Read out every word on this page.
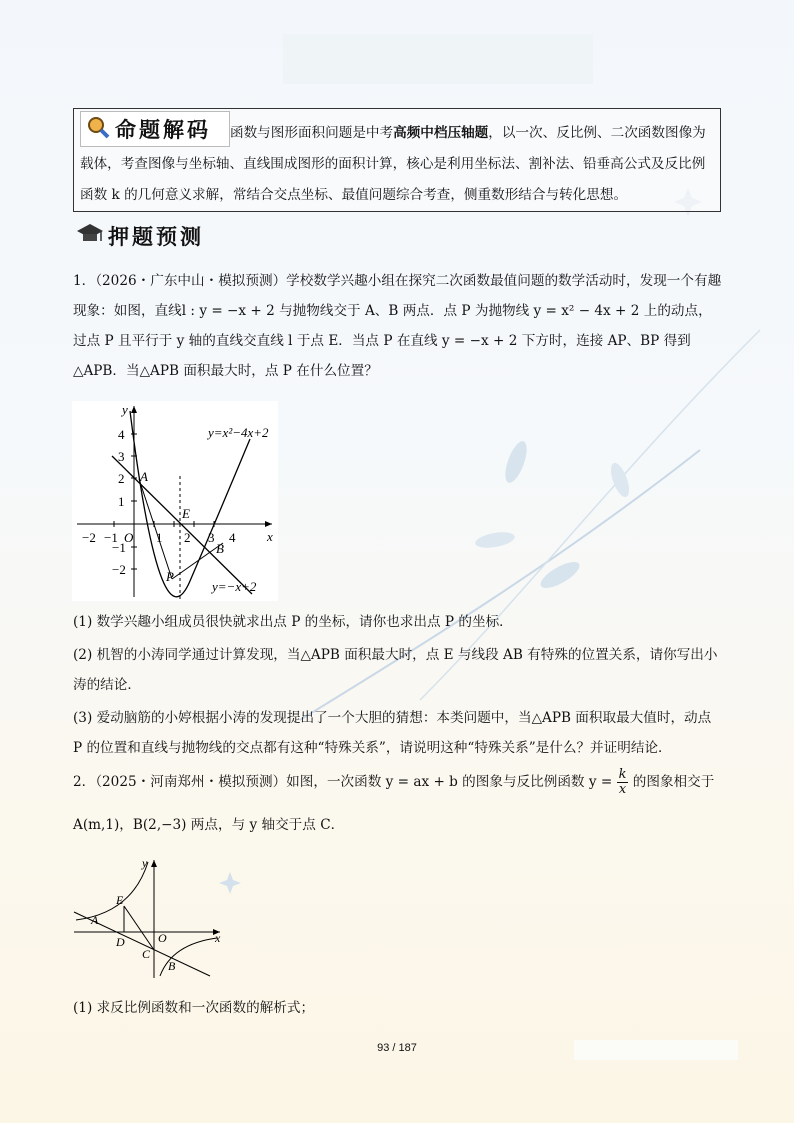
命题解码	函数与图形面积问题是中考高频中档压轴题，以一次、反比例、二次函数图像为载体，考查图像与坐标轴、直线围成图形的面积计算，核心是利用坐标法、割补法、铅垂高公式及反比例函数 k 的几何意义求解，常结合交点坐标、最值问题综合考查，侧重数形结合与转化思想。

押题预测

1．（2026・广东中山・模拟预测）学校数学兴趣小组在探究二次函数最值问题的数学活动时，发现一个有趣现象：如图，直线l : y = −x + 2 与抛物线交于 A、B 两点．点 P 为抛物线 y = x² − 4x + 2 上的动点，过点 P 且平行于 y 轴的直线交直线 l 于点 E．当点 P 在直线 y = −x + 2 下方时，连接 AP、BP 得到△APB．当△APB 面积最大时，点 P 在什么位置？

y=x²−4x+2
y=−x+2
x
y
A
B
E
P
−2 −1 O 1 2 3 4
4
3
2
1
−1
−2

(1) 数学兴趣小组成员很快就求出点 P 的坐标，请你也求出点 P 的坐标．

(2) 机智的小涛同学通过计算发现，当△APB 面积最大时，点 E 与线段 AB 有特殊的位置关系，请你写出小涛的结论．

(3) 爱动脑筋的小婷根据小涛的发现提出了一个大胆的猜想：本类问题中，当△APB 面积取最大值时，动点 P 的位置和直线与抛物线的交点都有这种“特殊关系”，请说明这种“特殊关系”是什么？并证明结论．

2．（2025・河南郑州・模拟预测）如图，一次函数 y = ax + b 的图象与反比例函数 $y = \frac{k}{x}$ 的图象相交于

A(m,1)，B(2,−3) 两点，与 y 轴交于点 C．

x
y
A
E
D	O
C
B

(1) 求反比例函数和一次函数的解析式；

93 / 187
